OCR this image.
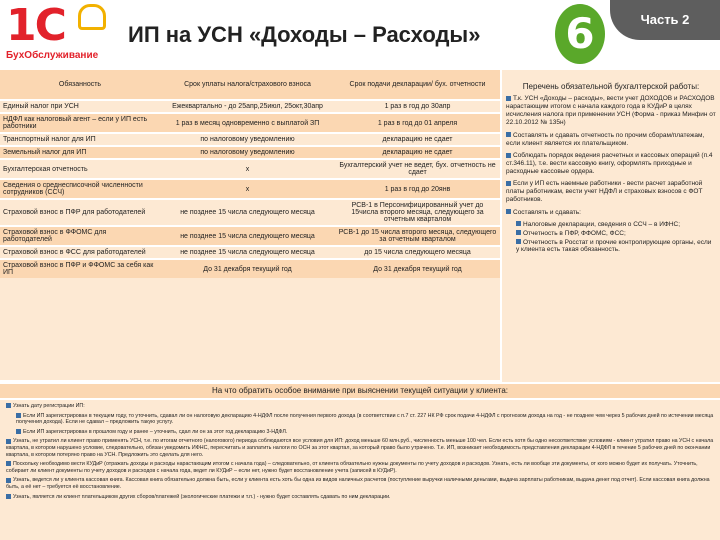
1С
БухОбслуживание
ИП на УСН «Доходы – Расходы» 6	Часть 2
Обязанность	Срок уплаты налога/страхового взноса	Срок подачи декларации/ бух. отчетности
Единый налог при УСН	Ежеквартально - до 25апр,25июл, 25окт,30апр	1 раз в год до 30апр
НДФЛ как налоговый агент – если у ИП есть работники	1 раз в месяц одновременно с выплатой ЗП	1 раз в год до 01 апреля
Транспортный налог для ИП	по налоговому уведомлению	декларацию не сдает
Земельный налог для ИП	по налоговому уведомлению	декларацию не сдает
Бухгалтерская отчетность	x	Бухгалтерский учет не ведет, бух. отчетность не сдает
Сведения о среднесписочной численности сотрудников (ССЧ)	x	1 раз в год до 20янв
Страховой взнос в ПФР для работодателей	не позднее 15 числа следующего месяца	РСВ-1 в Персонифицированный учет до 15числа второго месяца, следующего за отчетным кварталом
Страховой взнос в ФФОМС для работодателей	не позднее 15 числа следующего месяца	РСВ-1 до 15 числа второго месяца, следующего за отчетным кварталом
Страховой взнос в ФСС для работодателей	не позднее 15 числа следующего месяца	до 15 числа следующего месяца
Страховой взнос в ПФР и ФФОМС за себя как ИП	До 31 декабря текущий год	До 31 декабря текущий год
Перечень обязательной бухгалтерской работы:
Т.к. УСН «Доходы – расходы», вести учет ДОХОДОВ и РАСХОДОВ нарастающим итогом с начала каждого года в КУДиР в целях исчисления налога при применении УСН (Форма - приказ Минфин от 22.10.2012 № 135н)
Составлять и сдавать отчетность по прочим сборам/платежам, если клиент является их плательщиком.
Соблюдать порядок ведения расчетных и кассовых операций (п.4 ст.346.11), т.е. вести кассовую книгу, оформлять приходные и расходные кассовые ордера.
Если у ИП есть наемные работники - вести расчет заработной платы работникам, вести учет НДФЛ и страховых взносов с ФОТ работников.
Составлять и сдавать:
Налоговые декларации, сведения о ССЧ – в ИФНС;
Отчетность в ПФР, ФФОМС, ФСС;
Отчетность в Росстат и прочие контролирующие органы, если у клиента есть такая обязанность.
На что обратить особое внимание при выяснении текущей ситуации у клиента:
Узнать дату регистрации ИП:
Если ИП зарегистрирован в текущем году, то уточнить, сдавал ли он налоговую декларацию 4-НДФЛ после получения первого дохода (в соответствии с п.7 ст. 227 НК РФ срок подачи 4-НДФЛ с прогнозом дохода на год - не позднее чем через 5 рабочих дней по истечении месяца получения дохода). Если не сдавал – предложить такую услугу.
Если ИП зарегистрирован в прошлом году и ранее – уточнить, сдал ли он за этот год декларацию 3-НДФЛ.
Узнать, не утратил ли клиент право применять УСН, т.е. по итогам отчетного (налогового) периода соблюдаются все условия для ИП: доход меньше 60 млн.руб., численность меньше 100 чел. Если есть хотя бы одно несоответствие условиям - клиент утратил право на УСН с начала квартала, в котором нарушено условие, следовательно, обязан уведомить ИФНС, пересчитать и заплатить налоги по ОСН за этот квартал, за который право было утрачено. Т.е. ИП, возникает необходимость представления декларации 4-НДФЛ в течение 5 рабочих дней по окончании квартала, в котором потеряно право на УСН. Предложить это сделать для него.
Поскольку необходимо вести КУДиР (отражать доходы и расходы нарастающим итогом с начала года) – следовательно, от клиента обязательно нужны документы по учету доходов и расходов. Узнать, есть ли вообще эти документы, от кого можно будет их получать. Уточнить, собирает ли клиент документы по учету доходов и расходов с начала года, ведет ли КУДиР – если нет, нужно будет восстановление учета (записей в КУДиР).
Узнать, ведется ли у клиента кассовая книга. Кассовая книга обязательно должна быть, если у клиента есть хоть бы одна из видов наличных расчетов (поступление выручки наличными деньгами, выдача зарплаты работникам, выдача денег под отчет). Если кассовая книга должна быть, а её нет – требуется её восстановление.
Узнать, является ли клиент плательщиком других сборов/платежей (экологические платежи и т.п.) - нужно будет составлять сдавать по ним декларации.
